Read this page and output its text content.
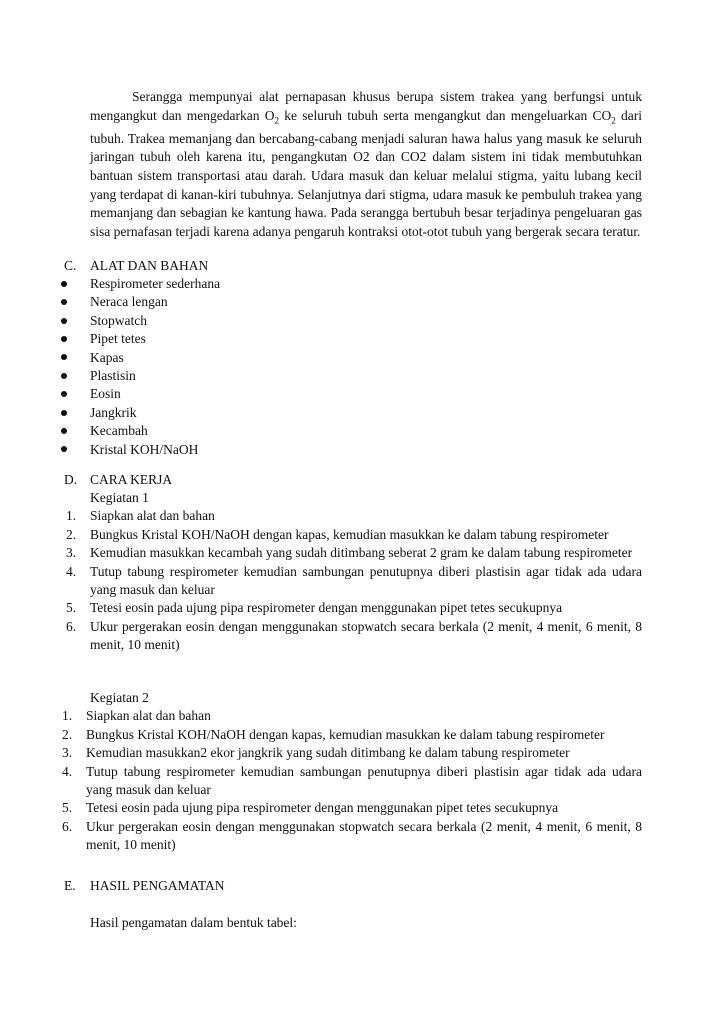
Serangga mempunyai alat pernapasan khusus berupa sistem trakea yang berfungsi untuk mengangkut dan mengedarkan $O_2$ ke seluruh tubuh serta mengangkut dan mengeluarkan $CO_2$ dari tubuh. Trakea memanjang dan bercabang-cabang menjadi saluran hawa halus yang masuk ke seluruh jaringan tubuh oleh karena itu, pengangkutan O2 dan CO2 dalam sistem ini tidak membutuhkan bantuan sistem transportasi atau darah. Udara masuk dan keluar melalui stigma, yaitu lubang kecil yang terdapat di kanan-kiri tubuhnya. Selanjutnya dari stigma, udara masuk ke pembuluh trakea yang memanjang dan sebagian ke kantung hawa. Pada serangga bertubuh besar terjadinya pengeluaran gas sisa pernafasan terjadi karena adanya pengaruh kontraksi otot-otot tubuh yang bergerak secara teratur.

C. ALAT DAN BAHAN
Respirometer sederhana
Neraca lengan
Stopwatch
Pipet tetes
Kapas
Plastisin
Eosin
Jangkrik
Kecambah
Kristal KOH/NaOH
D. CARA KERJA
Kegiatan 1
1. Siapkan alat dan bahan
2. Bungkus Kristal KOH/NaOH dengan kapas, kemudian masukkan ke dalam tabung respirometer
3. Kemudian masukkan kecambah yang sudah ditimbang seberat 2 gram ke dalam tabung respirometer
4. Tutup tabung respirometer kemudian sambungan penutupnya diberi plastisin agar tidak ada udara yang masuk dan keluar
5. Tetesi eosin pada ujung pipa respirometer dengan menggunakan pipet tetes secukupnya
6. Ukur pergerakan eosin dengan menggunakan stopwatch secara berkala (2 menit, 4 menit, 6 menit, 8 menit, 10 menit)
Kegiatan 2
1. Siapkan alat dan bahan
2. Bungkus Kristal KOH/NaOH dengan kapas, kemudian masukkan ke dalam tabung respirometer
3. Kemudian masukkan2 ekor jangkrik yang sudah ditimbang ke dalam tabung respirometer
4. Tutup tabung respirometer kemudian sambungan penutupnya diberi plastisin agar tidak ada udara yang masuk dan keluar
5. Tetesi eosin pada ujung pipa respirometer dengan menggunakan pipet tetes secukupnya
6. Ukur pergerakan eosin dengan menggunakan stopwatch secara berkala (2 menit, 4 menit, 6 menit, 8 menit, 10 menit)
E. HASIL PENGAMATAN
Hasil pengamatan dalam bentuk tabel:
